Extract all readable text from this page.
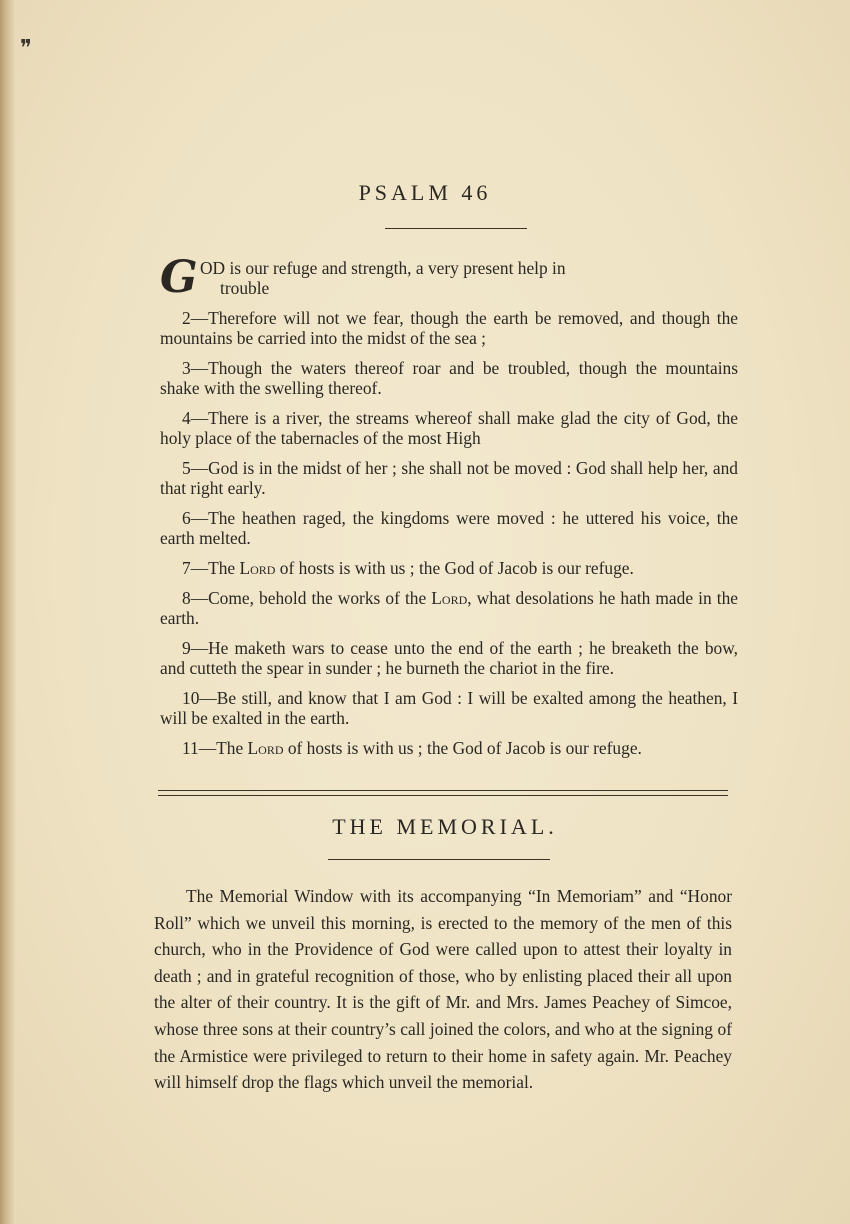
❞
PSALM 46
G OD is our refuge and strength, a very present help in
trouble

2—Therefore will not we fear, though the earth be removed, and though the mountains be carried into the midst of the sea ;

3—Though the waters thereof roar and be troubled, though the mountains shake with the swelling thereof.

4—There is a river, the streams whereof shall make glad the city of God, the holy place of the tabernacles of the most High

5—God is in the midst of her ; she shall not be moved : God shall help her, and that right early.

6—The heathen raged, the kingdoms were moved : he uttered his voice, the earth melted.

7—The Lord of hosts is with us ; the God of Jacob is our refuge.

8—Come, behold the works of the Lord, what desolations he hath made in the earth.

9—He maketh wars to cease unto the end of the earth ; he breaketh the bow, and cutteth the spear in sunder ; he burneth the chariot in the fire.

10—Be still, and know that I am God : I will be exalted among the heathen, I will be exalted in the earth.

11—The Lord of hosts is with us ; the God of Jacob is our refuge.

THE MEMORIAL.

The Memorial Window with its accompanying “In Memoriam” and “Honor Roll” which we unveil this morning, is erected to the memory of the men of this church, who in the Providence of God were called upon to attest their loyalty in death ; and in grateful recognition of those, who by enlisting placed their all upon the alter of their country. It is the gift of Mr. and Mrs. James Peachey of Simcoe, whose three sons at their country’s call joined the colors, and who at the signing of the Armistice were privileged to return to their home in safety again. Mr. Peachey will himself drop the flags which unveil the memorial.
